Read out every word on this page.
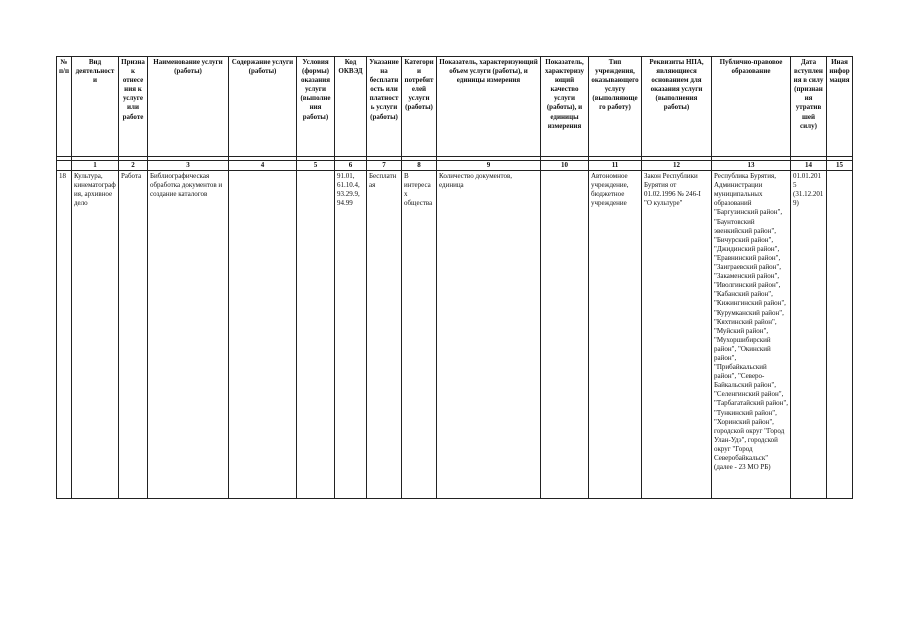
№ п/п	Вид деятельности	Признак отнесения к услуге или работе	Наименование услуги (работы)	Содержание услуги (работы)	Условия (формы) оказания услуги (выполнения работы)	Код ОКВЭД	Указание на бесплатность или платность услуги (работы)	Категории потребителей услуги (работы)	Показатель, характеризующий объем услуги (работы), и единицы измерения	Показатель, характеризующий качество услуги (работы), и единицы измерения	Тип учреждения, оказывающего услугу (выполняющего работу)	Реквизиты НПА, являющиеся основанием для оказания услуги (выполнения работы)	Публично-правовое образование	Дата вступления в силу (признания утратившей силу)	Иная информация

	1	2	3	4	5	6	7	8	9	10	11	12	13	14	15
18	Культура, кинематография, архивное дело	Работа	Библиографическая обработка документов и создание каталогов			91.01, 61.10.4, 93.29.9, 94.99	Бесплатная	В интересах общества	Количество документов, единица		Автономное учреждение, бюджетное учреждение	Закон Республики Бурятия от 01.02.1996 № 246-I "О культуре"	Республика Бурятия, Администрации муниципальных образований "Баргузинский район", "Баунтовский эвенкийский район", "Бичурский район", "Джидинский район", "Еравнинский район", "Заиграевский район", "Закаменский район", "Иволгинский район", "Кабанский район", "Кижингинский район", "Курумканский район", "Кяхтинский район", "Муйский район", "Мухоршибирский район", "Окинский район", "Прибайкальский район", "Северо-Байкальский район", "Селенгинский район", "Тарбагатайский район", "Тункинский район", "Хоринский район", городской округ "Город Улан-Удэ", городской округ "Город Северобайкальск" (далее - 23 МО РБ)	01.01.2015 (31.12.2019)	
